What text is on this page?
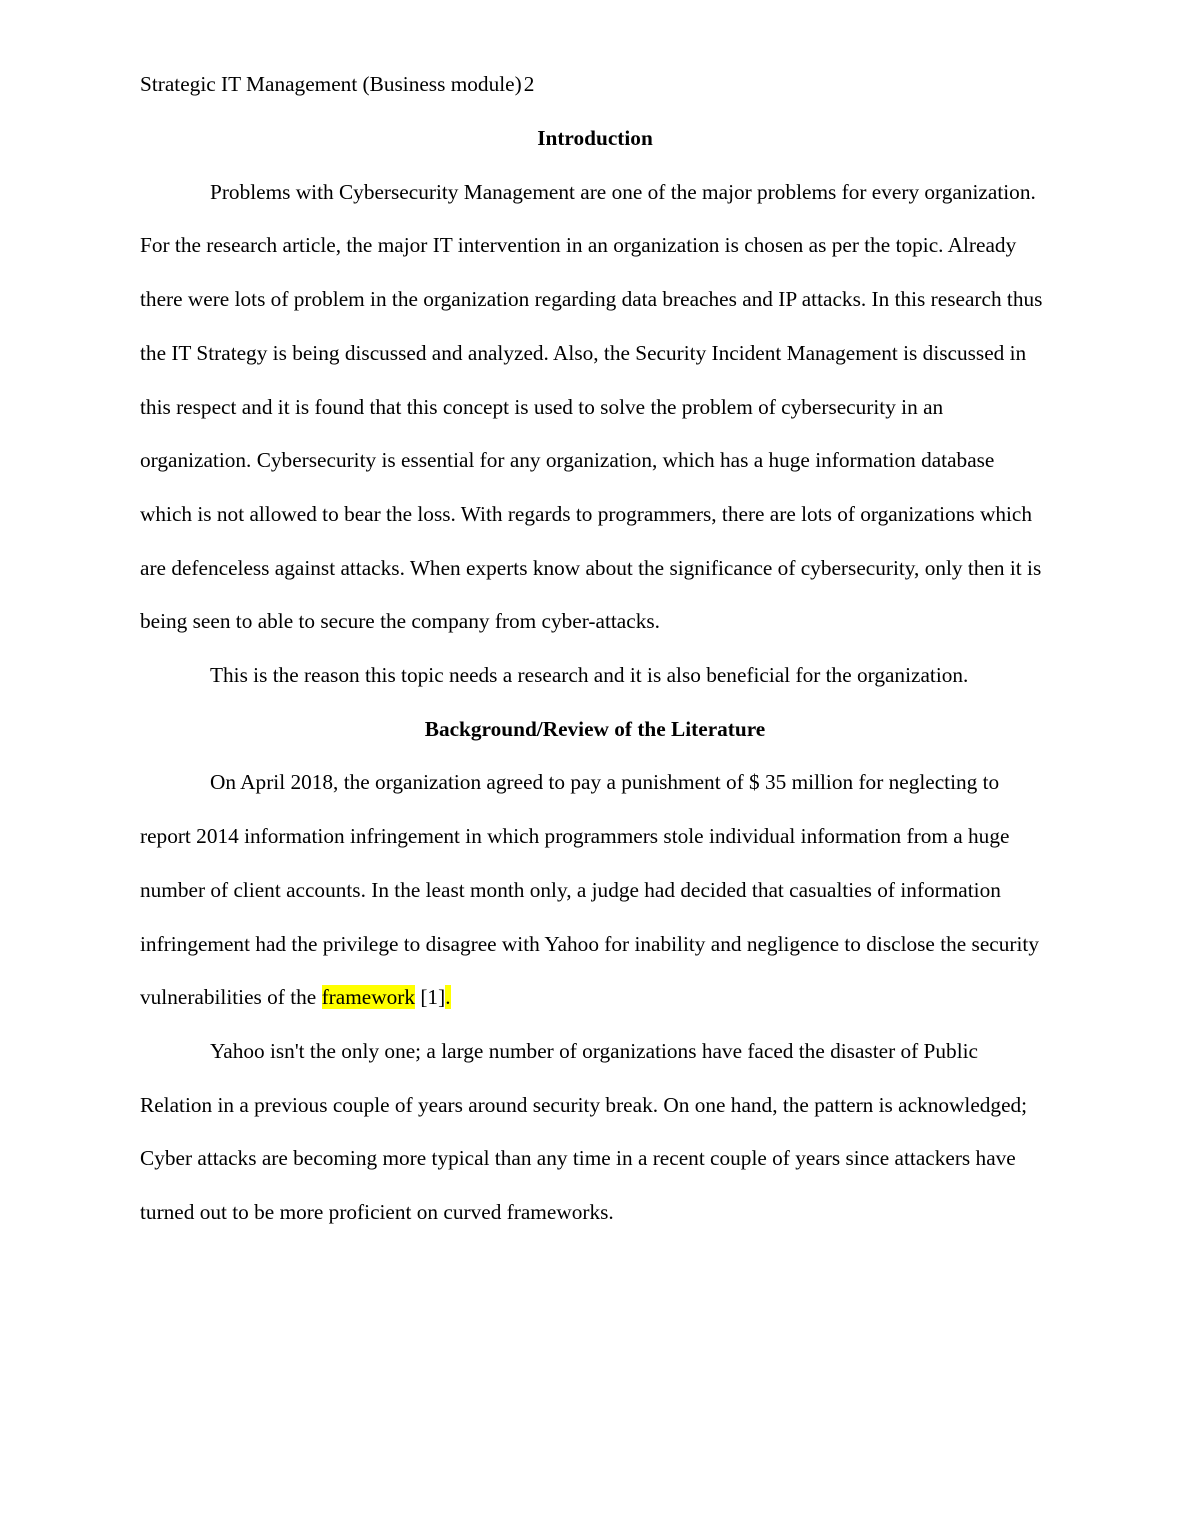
Strategic IT Management (Business module)2
Introduction

Problems with Cybersecurity Management are one of the major problems for every organization. For the research article, the major IT intervention in an organization is chosen as per the topic. Already there were lots of problem in the organization regarding data breaches and IP attacks. In this research thus the IT Strategy is being discussed and analyzed. Also, the Security Incident Management is discussed in this respect and it is found that this concept is used to solve the problem of cybersecurity in an organization. Cybersecurity is essential for any organization, which has a huge information database which is not allowed to bear the loss. With regards to programmers, there are lots of organizations which are defenceless against attacks. When experts know about the significance of cybersecurity, only then it is being seen to able to secure the company from cyber-attacks.

This is the reason this topic needs a research and it is also beneficial for the organization.

Background/Review of the Literature

On April 2018, the organization agreed to pay a punishment of $ 35 million for neglecting to report 2014 information infringement in which programmers stole individual information from a huge number of client accounts. In the least month only, a judge had decided that casualties of information infringement had the privilege to disagree with Yahoo for inability and negligence to disclose the security vulnerabilities of the framework [1].

Yahoo isn't the only one; a large number of organizations have faced the disaster of Public Relation in a previous couple of years around security break. On one hand, the pattern is acknowledged; Cyber attacks are becoming more typical than any time in a recent couple of years since attackers have turned out to be more proficient on curved frameworks.
